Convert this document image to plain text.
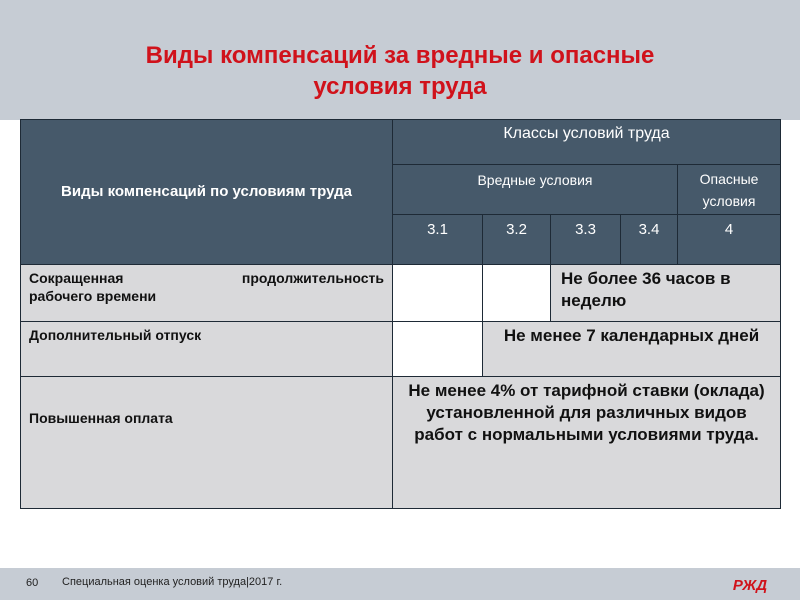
Виды компенсаций за вредные и опасные
условия труда
Виды компенсаций по условиям труда	Классы условий труда				
	Вредные условия				Опасные условия
	3.1	3.2	3.3	3.4	4

Сокращенная продолжительность
рабочего времени			Не более 36 часов в неделю		
Дополнительный отпуск		Не менее 7 календарных дней			
Повышенная оплата	Не менее 4% от тарифной ставки (оклада) установленной для различных видов работ с нормальными условиями труда.				
60 Специальная оценка условий труда|2017 г.	РЖД
